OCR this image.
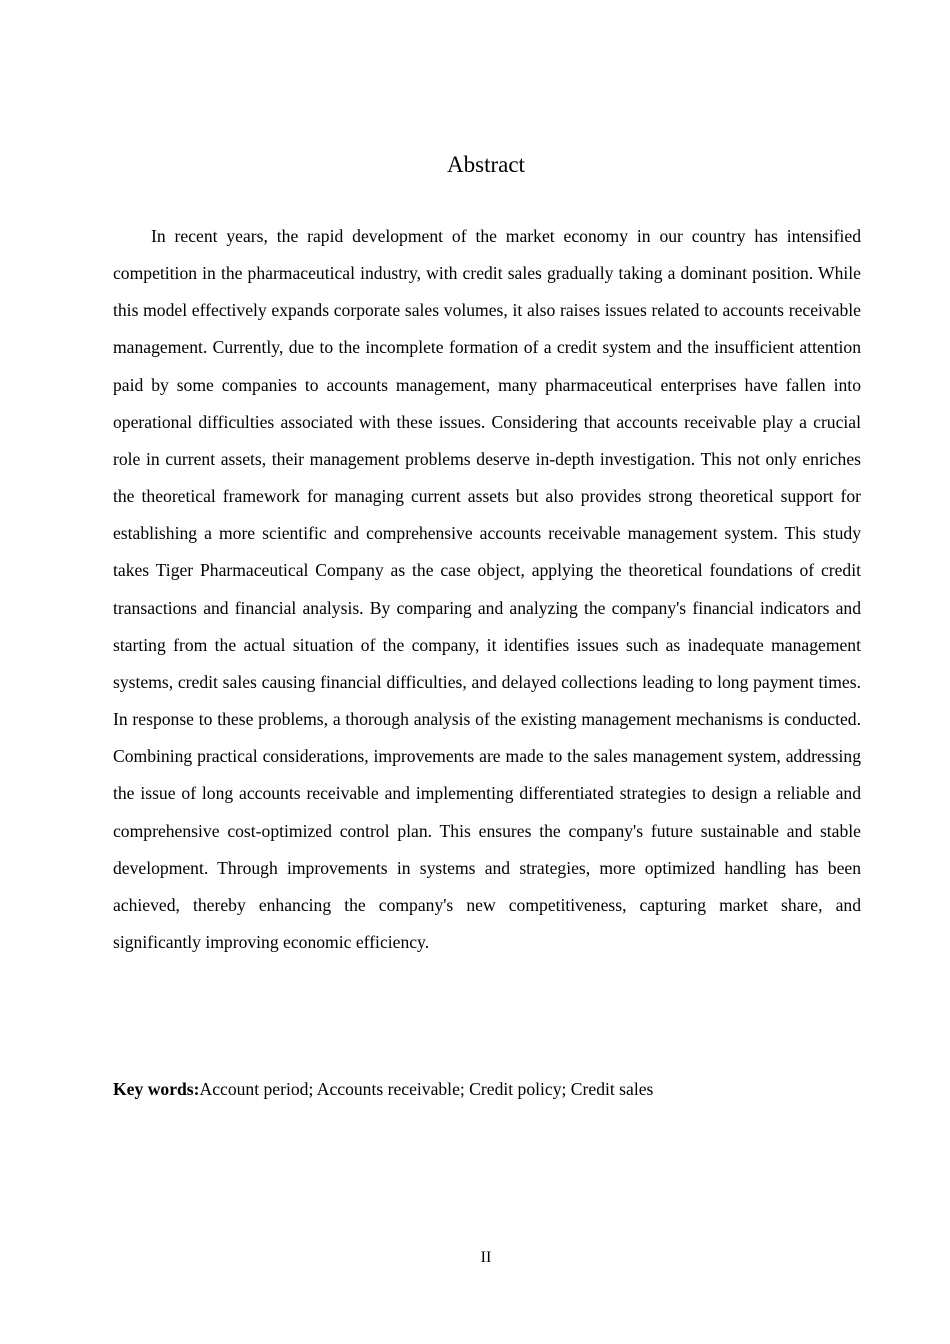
Abstract

In recent years, the rapid development of the market economy in our country has intensified competition in the pharmaceutical industry, with credit sales gradually taking a dominant position. While this model effectively expands corporate sales volumes, it also raises issues related to accounts receivable management. Currently, due to the incomplete formation of a credit system and the insufficient attention paid by some companies to accounts management, many pharmaceutical enterprises have fallen into operational difficulties associated with these issues. Considering that accounts receivable play a crucial role in current assets, their management problems deserve in-depth investigation. This not only enriches the theoretical framework for managing current assets but also provides strong theoretical support for establishing a more scientific and comprehensive accounts receivable management system. This study takes Tiger Pharmaceutical Company as the case object, applying the theoretical foundations of credit transactions and financial analysis. By comparing and analyzing the company's financial indicators and starting from the actual situation of the company, it identifies issues such as inadequate management systems, credit sales causing financial difficulties, and delayed collections leading to long payment times. In response to these problems, a thorough analysis of the existing management mechanisms is conducted. Combining practical considerations, improvements are made to the sales management system, addressing the issue of long accounts receivable and implementing differentiated strategies to design a reliable and comprehensive cost-optimized control plan. This ensures the company's future sustainable and stable development. Through improvements in systems and strategies, more optimized handling has been achieved, thereby enhancing the company's new competitiveness, capturing market share, and significantly improving economic efficiency.

Key words:Account period; Accounts receivable; Credit policy; Credit sales

II
